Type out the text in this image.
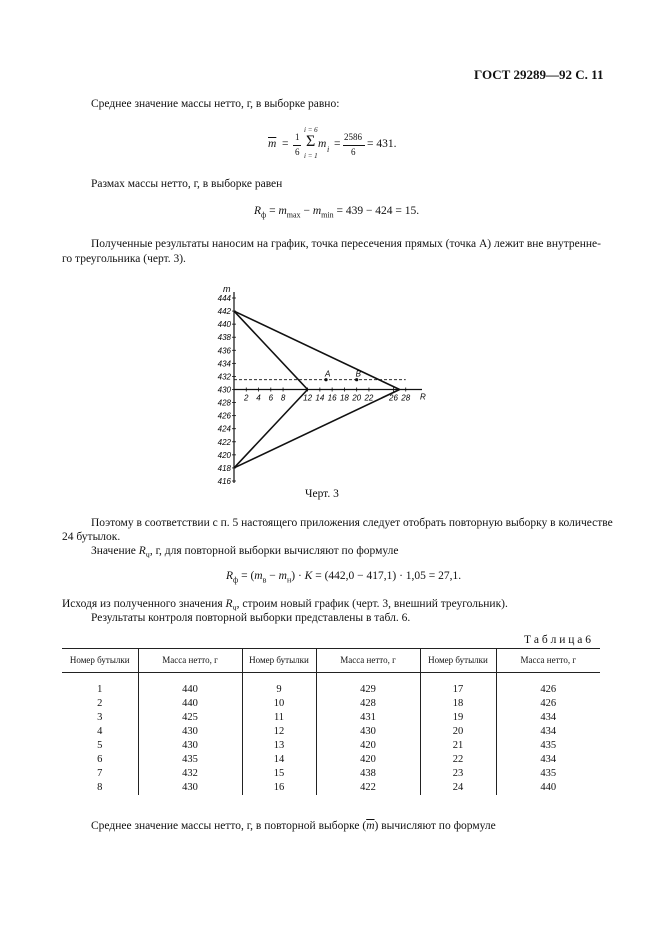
ГОСТ 29289—92 С. 11
Среднее значение массы нетто, г, в выборке равно:
$\overline{m}$ =
1
6
i = 6
Σ
i = 1
m i =
2586
6
= 431.
Размах массы нетто, г, в выборке равен
$R_ф = m_{max} - m_{min} = 439 - 424 = 15$.
Полученные результаты наносим на график, точка пересечения прямых (точка А) лежит вне внутренне-
го треугольника (черт. 3).
444
442
440
438
436
434
432
430
428
426
424
422
420
418
416
2 4 6 8 12 14 16 18 20 22 26 28
m
R
A	B
Черт. 3
Поэтому в соответствии с п. 5 настоящего приложения следует отобрать повторную выборку в количестве
24 бутылок.
Значение $R_ч$, г, для повторной выборки вычисляют по формуле
$R_ф = (m_в - m_н) \cdot K = (442,0 - 417,1) \cdot 1,05 = 27,1$.
Исходя из полученного значения $R_ч$, строим новый график (черт. 3, внешний треугольник).
Результаты контроля повторной выборки представлены в табл. 6.
Т а б л и ц а 6
Номер бутылки	Масса нетто, г	Номер бутылки	Масса нетто, г	Номер бутылки	Масса нетто, г
1	440	9	429	17	426
2	440	10	428	18	426
3	425	11	431	19	434
4	430	12	430	20	434
5	430	13	420	21	435
6	435	14	420	22	434
7	432	15	438	23	435
8	430	16	422	24	440
Среднее значение массы нетто, г, в повторной выборке $(\overline{m})$ вычисляют по формуле
